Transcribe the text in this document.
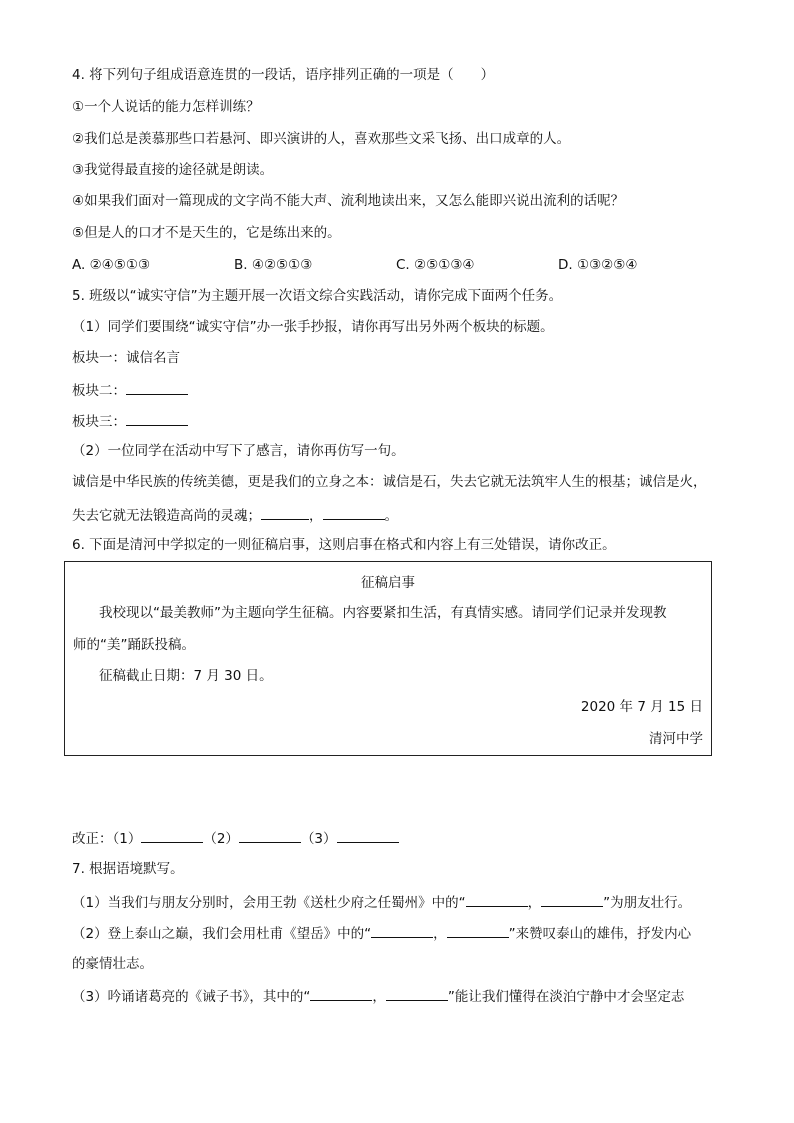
4. 将下列句子组成语意连贯的一段话，语序排列正确的一项是（　　）
①一个人说话的能力怎样训练？
②我们总是羡慕那些口若悬河、即兴演讲的人，喜欢那些文采飞扬、出口成章的人。
③我觉得最直接的途径就是朗读。
④如果我们面对一篇现成的文字尚不能大声、流利地读出来，又怎么能即兴说出流利的话呢？
⑤但是人的口才不是天生的，它是练出来的。
A. ②④⑤①③	B. ④②⑤①③	C. ②⑤①③④	D. ①③②⑤④
5. 班级以“诚实守信”为主题开展一次语文综合实践活动，请你完成下面两个任务。
（1）同学们要围绕“诚实守信”办一张手抄报，请你再写出另外两个板块的标题。
板块一：诚信名言
板块二：
板块三：
（2）一位同学在活动中写下了感言，请你再仿写一句。
诚信是中华民族的传统美德，更是我们的立身之本：诚信是石，失去它就无法筑牢人生的根基；诚信是火，
失去它就无法锻造高尚的灵魂；	，	。
6. 下面是清河中学拟定的一则征稿启事，这则启事在格式和内容上有三处错误，请你改正。
征稿启事
我校现以“最美教师”为主题向学生征稿。内容要紧扣生活，有真情实感。请同学们记录并发现教
师的“美”踊跃投稿。
征稿截止日期：7 月 30 日。
2020 年 7 月 15 日
清河中学
改正：（1）	（2）	（3）
7. 根据语境默写。
（1）当我们与朋友分别时，会用王勃《送杜少府之任蜀州》中的“	，	”为朋友壮行。
（2）登上泰山之巅，我们会用杜甫《望岳》中的“	，	”来赞叹泰山的雄伟，抒发内心
的豪情壮志。
（3）吟诵诸葛亮的《诫子书》，其中的“	，	”能让我们懂得在淡泊宁静中才会坚定志
